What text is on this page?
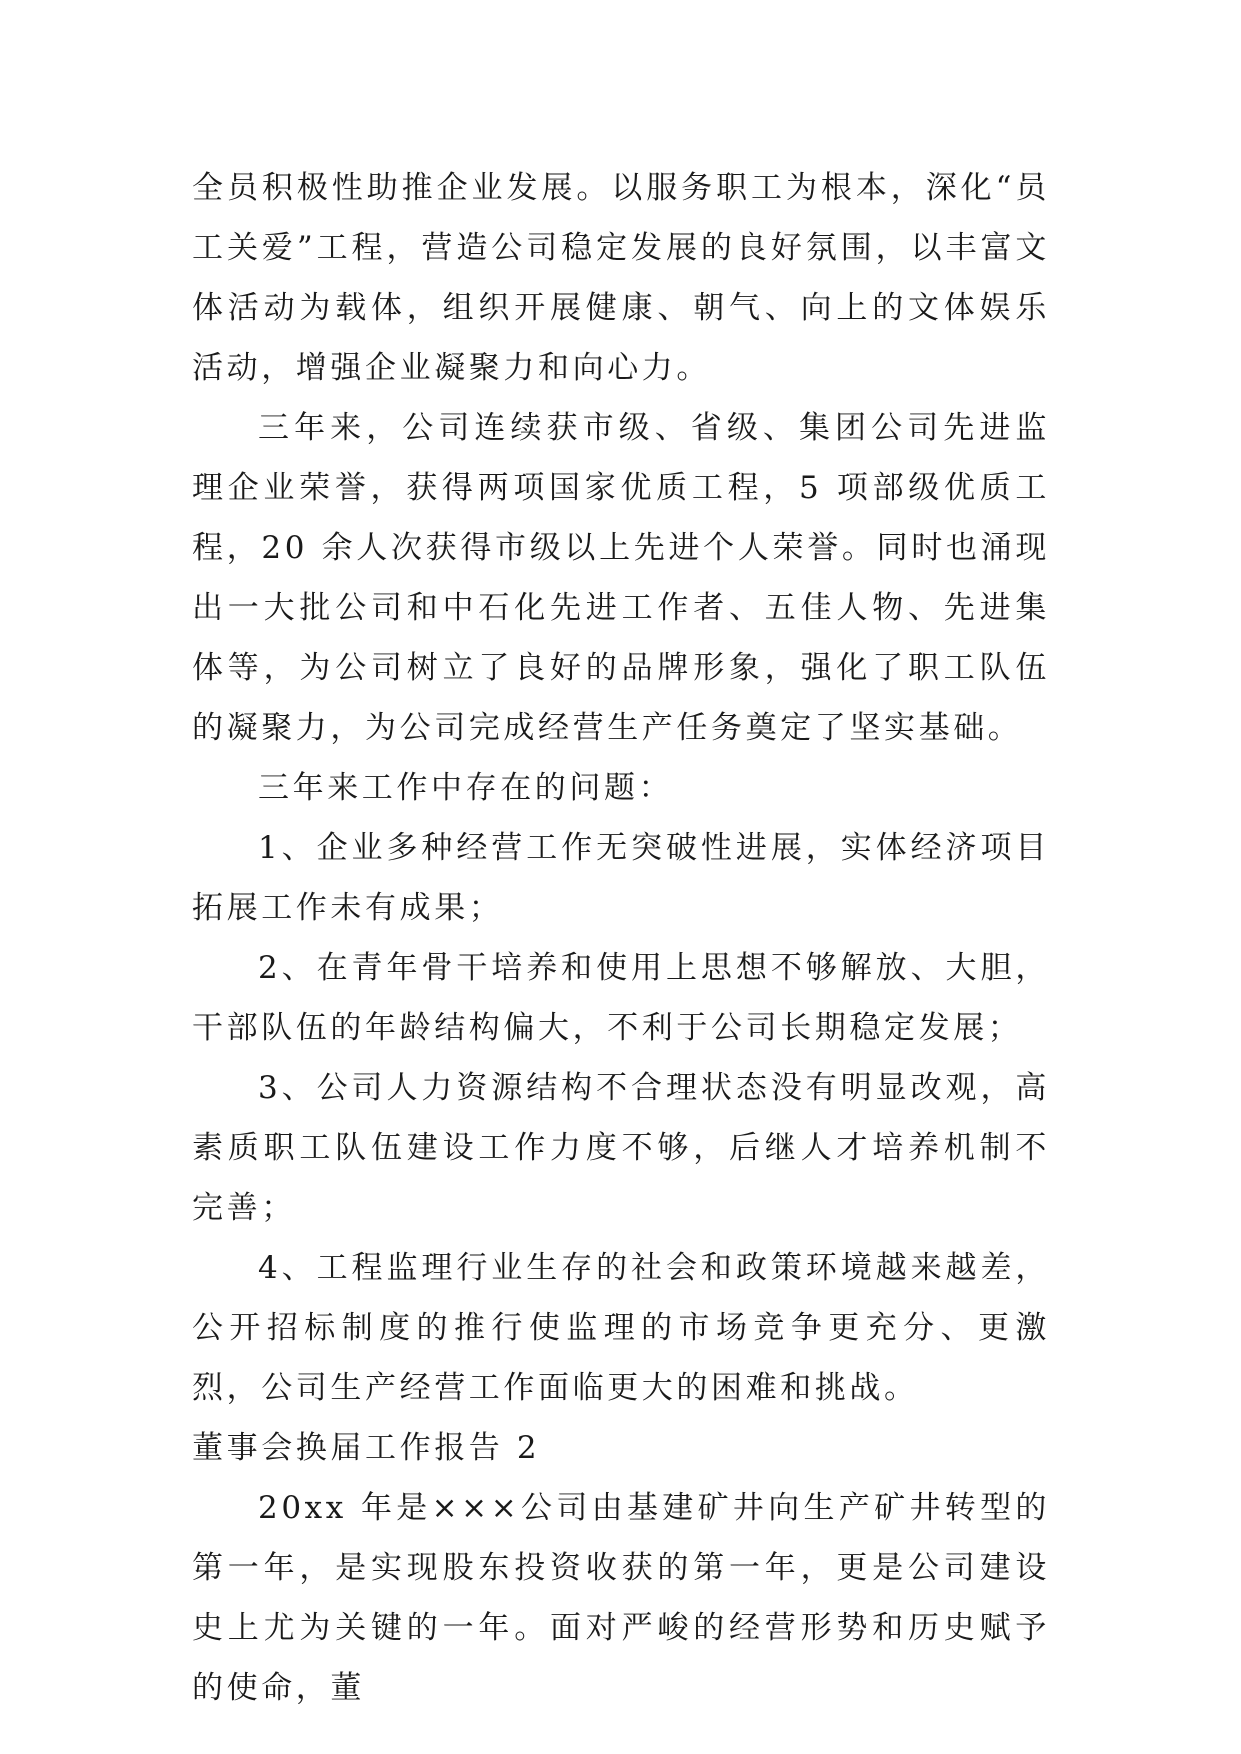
全员积极性助推企业发展。以服务职工为根本，深化“员工关爱”工程，营造公司稳定发展的良好氛围，以丰富文体活动为载体，组织开展健康、朝气、向上的文体娱乐活动，增强企业凝聚力和向心力。

三年来，公司连续获市级、省级、集团公司先进监理企业荣誉，获得两项国家优质工程，5 项部级优质工程，20 余人次获得市级以上先进个人荣誉。同时也涌现出一大批公司和中石化先进工作者、五佳人物、先进集体等，为公司树立了良好的品牌形象，强化了职工队伍的凝聚力，为公司完成经营生产任务奠定了坚实基础。

三年来工作中存在的问题：

1、企业多种经营工作无突破性进展，实体经济项目拓展工作未有成果；

2、在青年骨干培养和使用上思想不够解放、大胆，干部队伍的年龄结构偏大，不利于公司长期稳定发展；

3、公司人力资源结构不合理状态没有明显改观，高素质职工队伍建设工作力度不够，后继人才培养机制不完善；

4、工程监理行业生存的社会和政策环境越来越差，公开招标制度的推行使监理的市场竞争更充分、更激烈，公司生产经营工作面临更大的困难和挑战。

董事会换届工作报告 2

20xx 年是×××公司由基建矿井向生产矿井转型的第一年，是实现股东投资收获的第一年，更是公司建设史上尤为关键的一年。面对严峻的经营形势和历史赋予的使命，董
